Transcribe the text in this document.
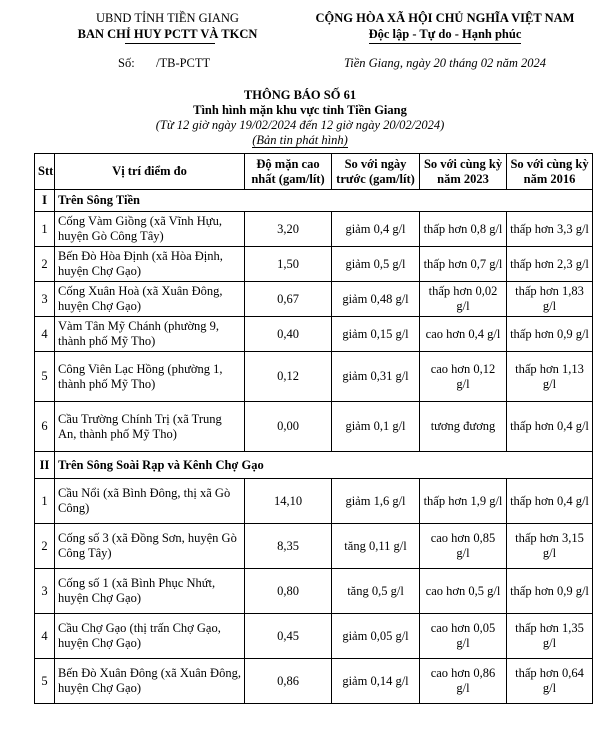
UBND TỈNH TIỀN GIANG
BAN CHỈ HUY PCTT VÀ TKCN
CỘNG HÒA XÃ HỘI CHỦ NGHĨA VIỆT NAM
Độc lập - Tự do - Hạnh phúc
Số: /TB-PCTT	Tiền Giang, ngày 20 tháng 02 năm 2024
THÔNG BÁO SỐ 61
Tình hình mặn khu vực tỉnh Tiền Giang
(Từ 12 giờ ngày 19/02/2024 đến 12 giờ ngày 20/02/2024)
(Bản tin phát hình)
Stt	Vị trí điểm đo	Độ mặn cao nhất (gam/lít)	So với ngày trước (gam/lít)	So với cùng kỳ năm 2023	So với cùng kỳ năm 2016
I	Trên Sông Tiền				
1	Cống Vàm Giồng (xã Vĩnh Hựu, huyện Gò Công Tây)	3,20	giảm 0,4 g/l	thấp hơn 0,8 g/l	thấp hơn 3,3 g/l
2	Bến Đò Hòa Định (xã Hòa Định, huyện Chợ Gạo)	1,50	giảm 0,5 g/l	thấp hơn 0,7 g/l	thấp hơn 2,3 g/l
3	Cống Xuân Hoà (xã Xuân Đông, huyện Chợ Gạo)	0,67	giảm 0,48 g/l	thấp hơn 0,02 g/l	thấp hơn 1,83 g/l
4	Vàm Tân Mỹ Chánh (phường 9, thành phố Mỹ Tho)	0,40	giảm 0,15 g/l	cao hơn 0,4 g/l	thấp hơn 0,9 g/l
5	Công Viên Lạc Hồng (phường 1, thành phố Mỹ Tho)	0,12	giảm 0,31 g/l	cao hơn 0,12 g/l	thấp hơn 1,13 g/l
6	Cầu Trường Chính Trị (xã Trung An, thành phố Mỹ Tho)	0,00	giảm 0,1 g/l	tương đương	thấp hơn 0,4 g/l
II	Trên Sông Soài Rạp và Kênh Chợ Gạo				
1	Cầu Nổi (xã Bình Đông, thị xã Gò Công)	14,10	giảm 1,6 g/l	thấp hơn 1,9 g/l	thấp hơn 0,4 g/l
2	Cống số 3 (xã Đồng Sơn, huyện Gò Công Tây)	8,35	tăng 0,11 g/l	cao hơn 0,85 g/l	thấp hơn 3,15 g/l
3	Cống số 1 (xã Bình Phục Nhứt, huyện Chợ Gạo)	0,80	tăng 0,5 g/l	cao hơn 0,5 g/l	thấp hơn 0,9 g/l
4	Cầu Chợ Gạo (thị trấn Chợ Gạo, huyện Chợ Gạo)	0,45	giảm 0,05 g/l	cao hơn 0,05 g/l	thấp hơn 1,35 g/l
5	Bến Đò Xuân Đông (xã Xuân Đông, huyện Chợ Gạo)	0,86	giảm 0,14 g/l	cao hơn 0,86 g/l	thấp hơn 0,64 g/l
